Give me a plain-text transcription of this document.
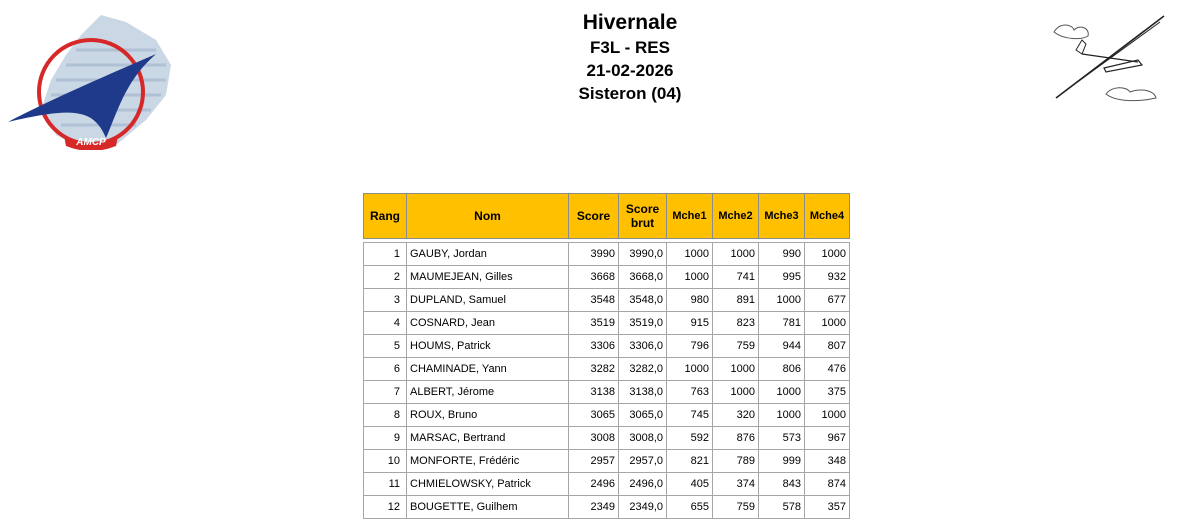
AMCP
Hivernale
F3L - RES
21-02-2026
Sisteron (04)
Rang	Nom	Score	Score brut	Mche1	Mche2	Mche3	Mche4

1	GAUBY, Jordan	3990	3990,0	1000	1000	990	1000
2	MAUMEJEAN, Gilles	3668	3668,0	1000	741	995	932
3	DUPLAND, Samuel	3548	3548,0	980	891	1000	677
4	COSNARD, Jean	3519	3519,0	915	823	781	1000
5	HOUMS, Patrick	3306	3306,0	796	759	944	807
6	CHAMINADE, Yann	3282	3282,0	1000	1000	806	476
7	ALBERT, Jérome	3138	3138,0	763	1000	1000	375
8	ROUX, Bruno	3065	3065,0	745	320	1000	1000
9	MARSAC, Bertrand	3008	3008,0	592	876	573	967
10	MONFORTE, Frédéric	2957	2957,0	821	789	999	348
11	CHMIELOWSKY, Patrick	2496	2496,0	405	374	843	874
12	BOUGETTE, Guilhem	2349	2349,0	655	759	578	357
